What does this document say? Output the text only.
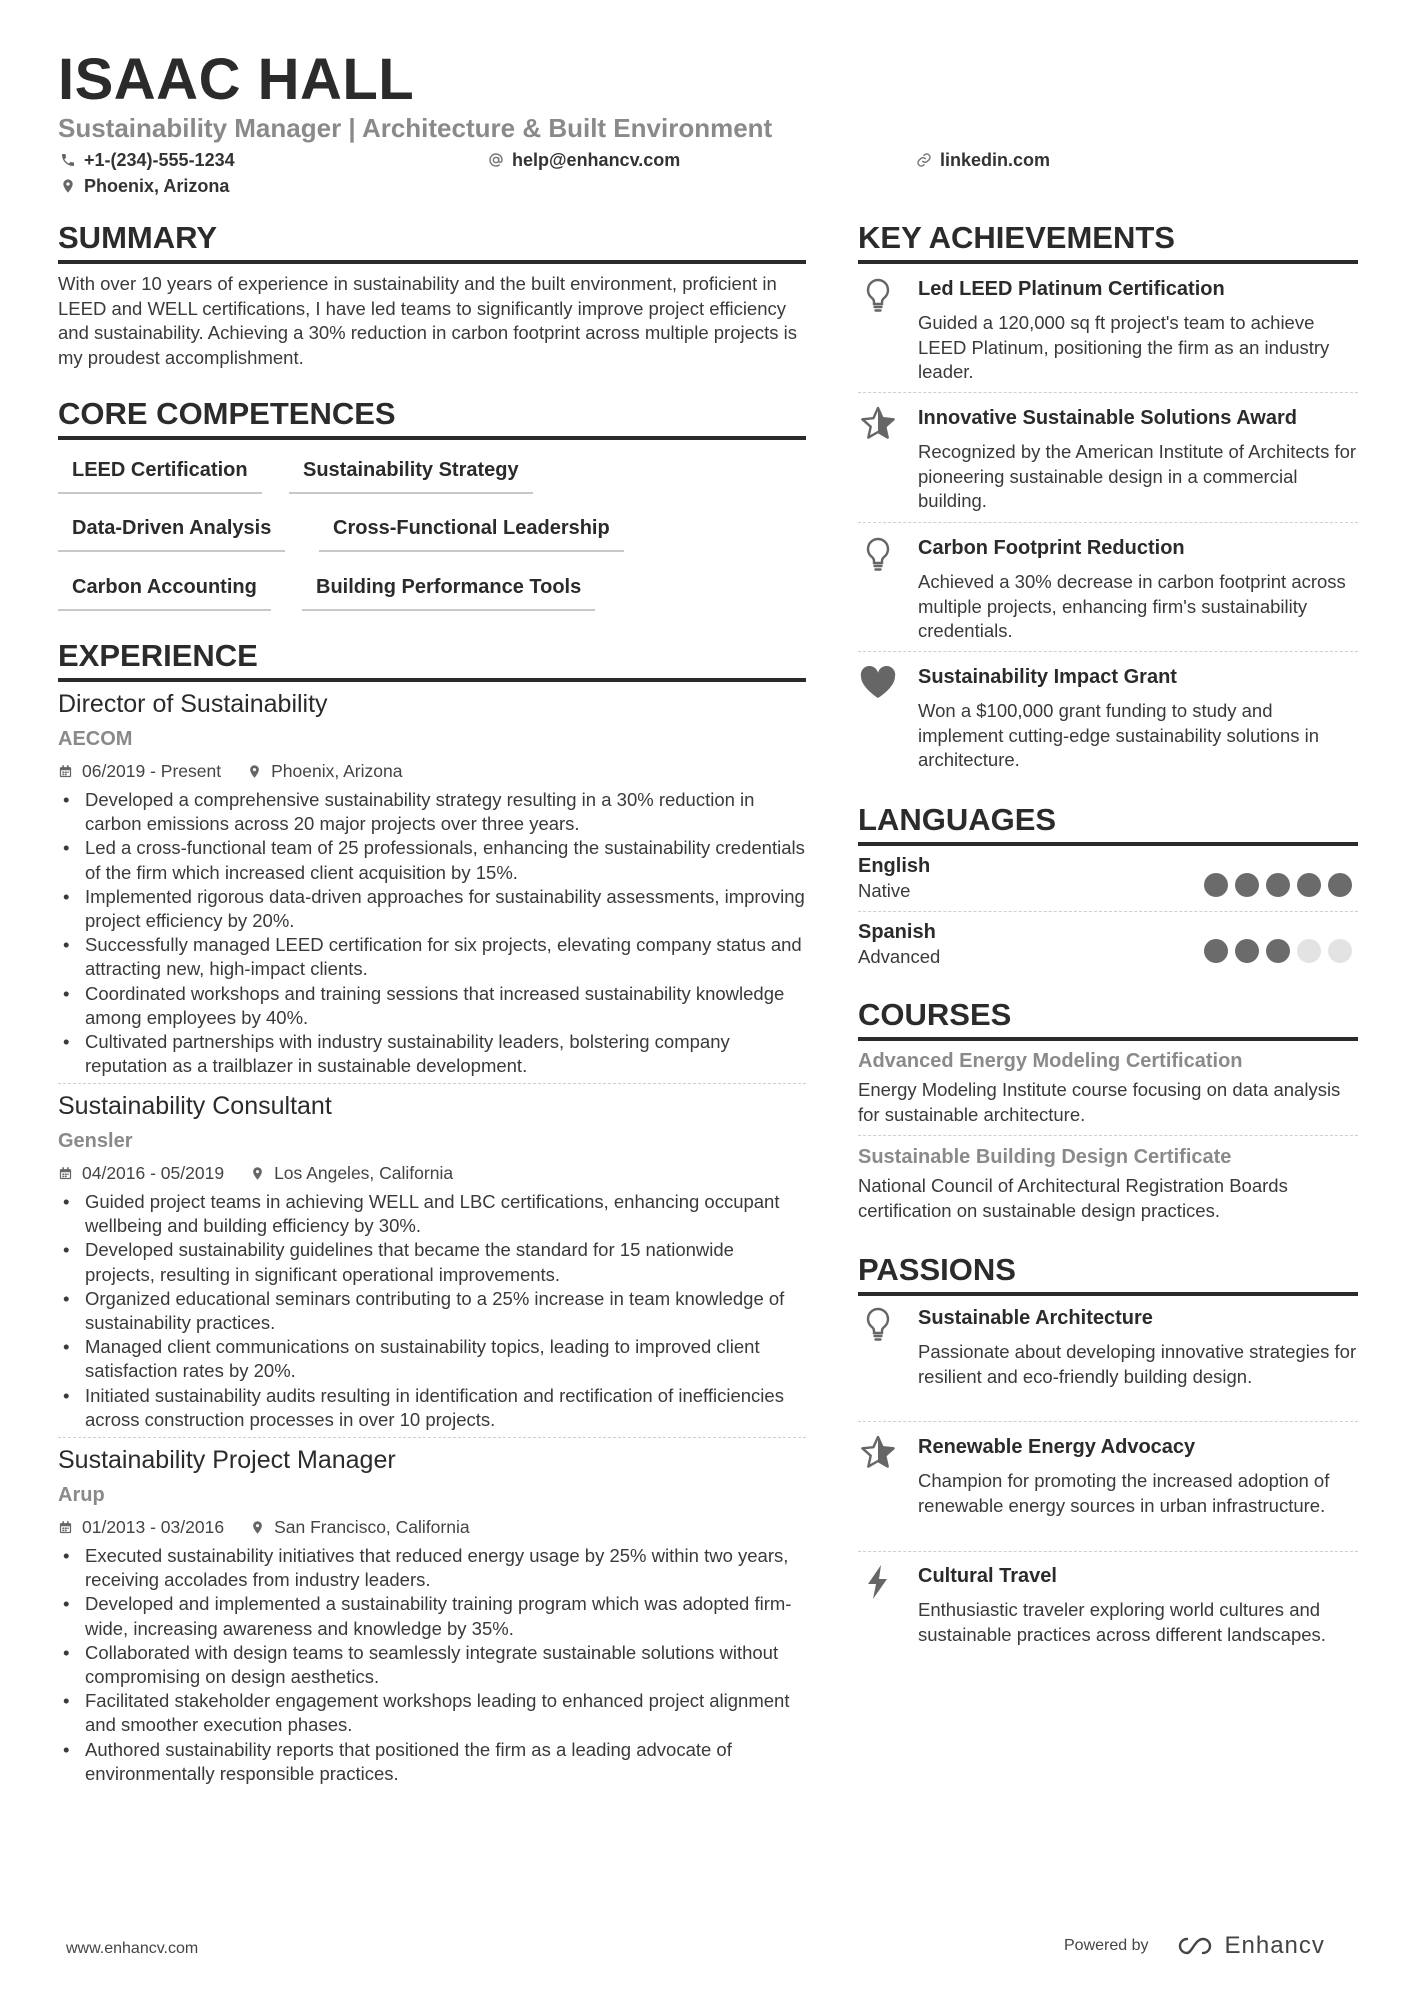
ISAAC HALL
Sustainability Manager | Architecture & Built Environment
+1-(234)-555-1234	help@enhancv.com	linkedin.com
Phoenix, Arizona
SUMMARY
With over 10 years of experience in sustainability and the built environment, proficient in LEED and WELL certifications, I have led teams to significantly improve project efficiency and sustainability. Achieving a 30% reduction in carbon footprint across multiple projects is my proudest accomplishment.
CORE COMPETENCES
LEED Certification	Sustainability Strategy
Data-Driven Analysis	Cross-Functional Leadership
Carbon Accounting	Building Performance Tools
EXPERIENCE
Director of Sustainability
AECOM
06/2019 - Present	Phoenix, Arizona
• Developed a comprehensive sustainability strategy resulting in a 30% reduction in carbon emissions across 20 major projects over three years.
• Led a cross-functional team of 25 professionals, enhancing the sustainability credentials of the firm which increased client acquisition by 15%.
• Implemented rigorous data-driven approaches for sustainability assessments, improving project efficiency by 20%.
• Successfully managed LEED certification for six projects, elevating company status and attracting new, high-impact clients.
• Coordinated workshops and training sessions that increased sustainability knowledge among employees by 40%.
• Cultivated partnerships with industry sustainability leaders, bolstering company reputation as a trailblazer in sustainable development.
Sustainability Consultant
Gensler
04/2016 - 05/2019	Los Angeles, California
• Guided project teams in achieving WELL and LBC certifications, enhancing occupant wellbeing and building efficiency by 30%.
• Developed sustainability guidelines that became the standard for 15 nationwide projects, resulting in significant operational improvements.
• Organized educational seminars contributing to a 25% increase in team knowledge of sustainability practices.
• Managed client communications on sustainability topics, leading to improved client satisfaction rates by 20%.
• Initiated sustainability audits resulting in identification and rectification of inefficiencies across construction processes in over 10 projects.
Sustainability Project Manager
Arup
01/2013 - 03/2016	San Francisco, California
• Executed sustainability initiatives that reduced energy usage by 25% within two years, receiving accolades from industry leaders.
• Developed and implemented a sustainability training program which was adopted firm-wide, increasing awareness and knowledge by 35%.
• Collaborated with design teams to seamlessly integrate sustainable solutions without compromising on design aesthetics.
• Facilitated stakeholder engagement workshops leading to enhanced project alignment and smoother execution phases.
• Authored sustainability reports that positioned the firm as a leading advocate of environmentally responsible practices.
KEY ACHIEVEMENTS
Led LEED Platinum Certification
Guided a 120,000 sq ft project's team to achieve LEED Platinum, positioning the firm as an industry leader.
Innovative Sustainable Solutions Award
Recognized by the American Institute of Architects for pioneering sustainable design in a commercial building.
Carbon Footprint Reduction
Achieved a 30% decrease in carbon footprint across multiple projects, enhancing firm's sustainability credentials.
Sustainability Impact Grant
Won a $100,000 grant funding to study and implement cutting-edge sustainability solutions in architecture.
LANGUAGES
English
Native
Spanish
Advanced
COURSES
Advanced Energy Modeling Certification
Energy Modeling Institute course focusing on data analysis for sustainable architecture.
Sustainable Building Design Certificate
National Council of Architectural Registration Boards certification on sustainable design practices.
PASSIONS
Sustainable Architecture
Passionate about developing innovative strategies for resilient and eco-friendly building design.
Renewable Energy Advocacy
Champion for promoting the increased adoption of renewable energy sources in urban infrastructure.
Cultural Travel
Enthusiastic traveler exploring world cultures and sustainable practices across different landscapes.
www.enhancv.com	Powered by	Enhancv
